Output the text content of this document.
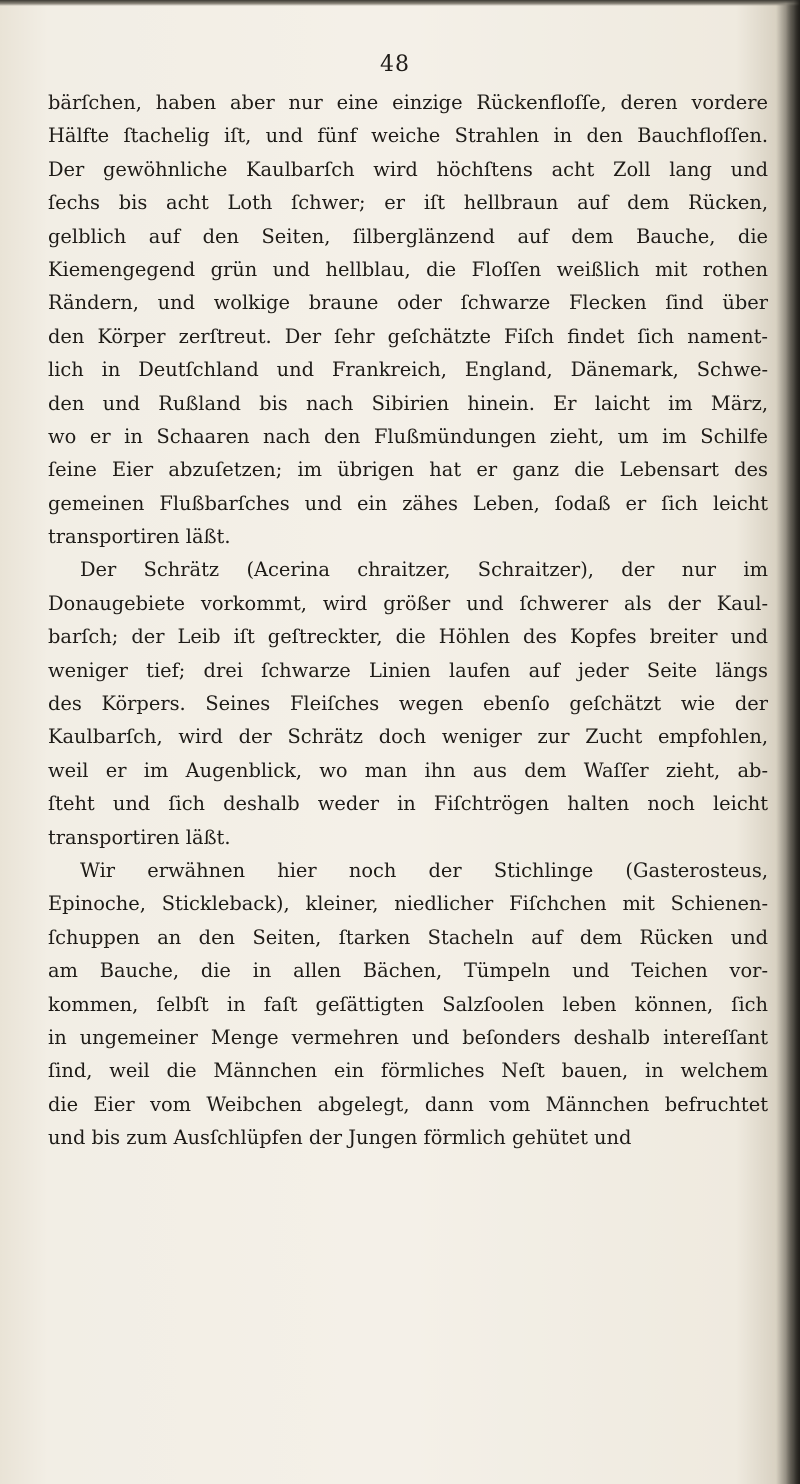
48
bärſchen, haben aber nur eine einzige Rückenfloſſe, deren vordere
Hälfte ſtachelig iſt, und fünf weiche Strahlen in den Bauchfloſſen.
Der gewöhnliche Kaulbarſch wird höchſtens acht Zoll lang und
ſechs bis acht Loth ſchwer; er iſt hellbraun auf dem Rücken,
gelblich auf den Seiten, ſilberglänzend auf dem Bauche, die
Kiemengegend grün und hellblau, die Floſſen weißlich mit rothen
Rändern, und wolkige braune oder ſchwarze Flecken ſind über
den Körper zerſtreut. Der ſehr geſchätzte Fiſch findet ſich nament-
lich in Deutſchland und Frankreich, England, Dänemark, Schwe-
den und Rußland bis nach Sibirien hinein. Er laicht im März,
wo er in Schaaren nach den Flußmündungen zieht, um im Schilfe
ſeine Eier abzuſetzen; im übrigen hat er ganz die Lebensart des
gemeinen Flußbarſches und ein zähes Leben, ſodaß er ſich leicht
transportiren läßt.
Der Schrätz (Acerina chraitzer, Schraitzer), der nur im
Donaugebiete vorkommt, wird größer und ſchwerer als der Kaul-
barſch; der Leib iſt geſtreckter, die Höhlen des Kopfes breiter und
weniger tief; drei ſchwarze Linien laufen auf jeder Seite längs
des Körpers. Seines Fleiſches wegen ebenſo geſchätzt wie der
Kaulbarſch, wird der Schrätz doch weniger zur Zucht empfohlen,
weil er im Augenblick, wo man ihn aus dem Waſſer zieht, ab-
ſteht und ſich deshalb weder in Fiſchtrögen halten noch leicht
transportiren läßt.
Wir erwähnen hier noch der Stichlinge (Gasterosteus,
Epinoche, Stickleback), kleiner, niedlicher Fiſchchen mit Schienen-
ſchuppen an den Seiten, ſtarken Stacheln auf dem Rücken und
am Bauche, die in allen Bächen, Tümpeln und Teichen vor-
kommen, ſelbſt in faſt geſättigten Salzſoolen leben können, ſich
in ungemeiner Menge vermehren und beſonders deshalb intereſſant
ſind, weil die Männchen ein förmliches Neſt bauen, in welchem
die Eier vom Weibchen abgelegt, dann vom Männchen befruchtet
und bis zum Ausſchlüpfen der Jungen förmlich gehütet und
